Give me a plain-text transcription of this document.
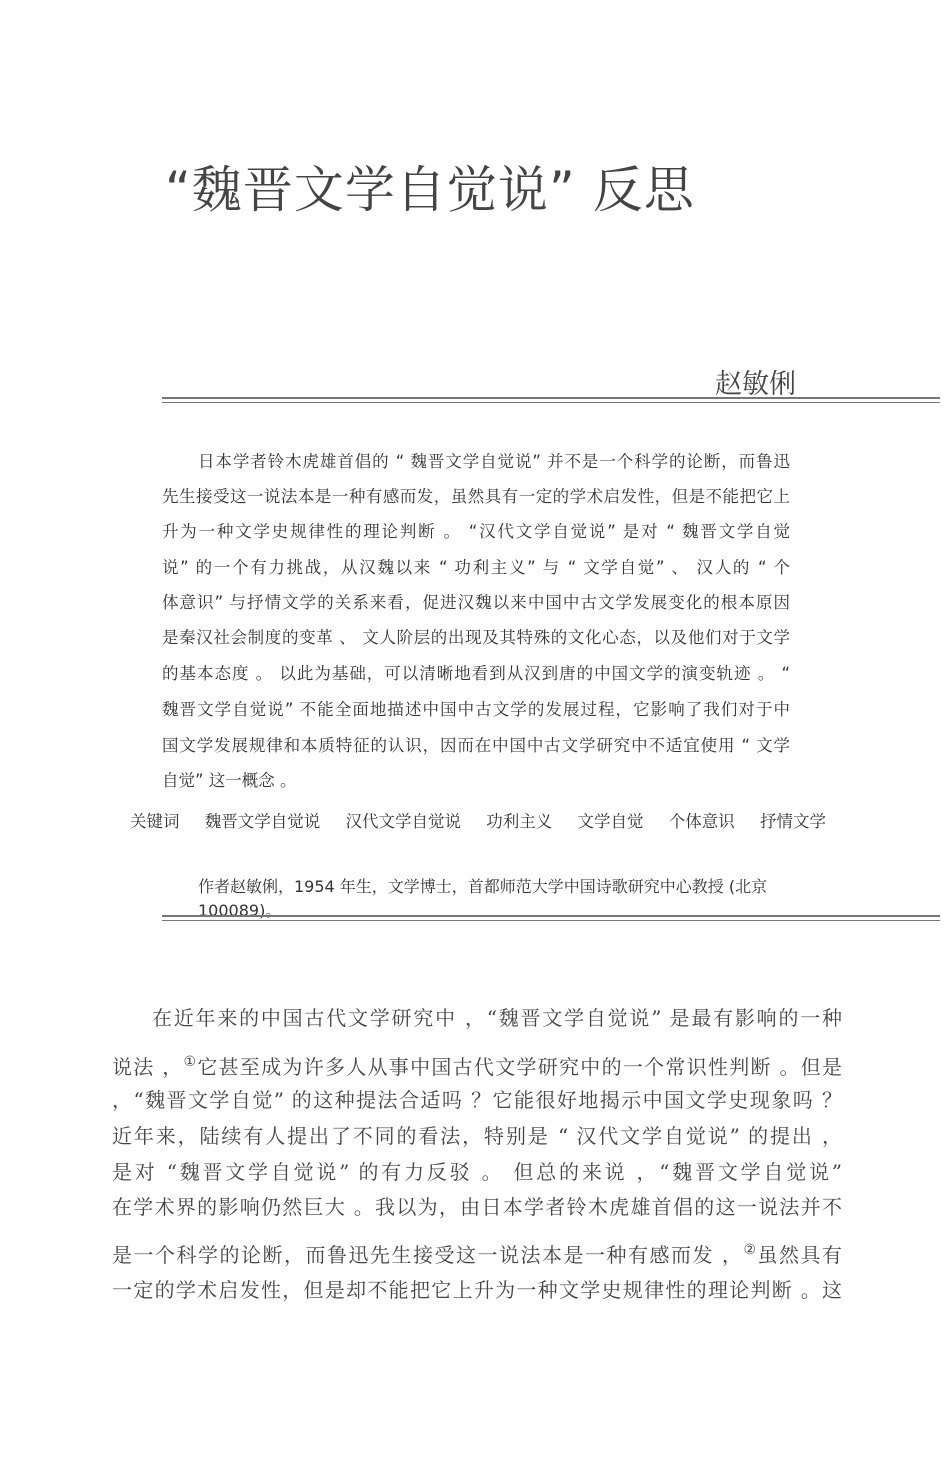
“魏晋文学自觉说” 反思
赵敏俐
日本学者铃木虎雄首倡的 “ 魏晋文学自觉说” 并不是一个科学的论断，而鲁迅
先生接受这一说法本是一种有感而发，虽然具有一定的学术启发性，但是不能把它上
升为一种文学史规律性的理论判断 。 “汉代文学自觉说” 是对 “ 魏晋文学自觉
说” 的一个有力挑战，从汉魏以来 “ 功利主义” 与 “ 文学自觉” 、 汉人的 “ 个
体意识” 与抒情文学的关系来看，促进汉魏以来中国中古文学发展变化的根本原因
是秦汉社会制度的变革 、 文人阶层的出现及其特殊的文化心态，以及他们对于文学
的基本态度 。 以此为基础，可以清晰地看到从汉到唐的中国文学的演变轨迹 。 “
魏晋文学自觉说” 不能全面地描述中国中古文学的发展过程，它影响了我们对于中
国文学发展规律和本质特征的认识，因而在中国中古文学研究中不适宜使用 “ 文学
自觉” 这一概念 。
关键词 魏晋文学自觉说 汉代文学自觉说 功利主义 文学自觉 个体意识 抒情文学
作者赵敏俐，1954 年生，文学博士，首都师范大学中国诗歌研究中心教授 (北京
100089)。
在近年来的中国古代文学研究中 ，“魏晋文学自觉说” 是最有影响的一种
说法 ，①它甚至成为许多人从事中国古代文学研究中的一个常识性判断 。但是
，“魏晋文学自觉” 的这种提法合适吗 ？它能很好地揭示中国文学史现象吗 ？
近年来，陆续有人提出了不同的看法，特别是 “ 汉代文学自觉说” 的提出 ，
是对 “魏晋文学自觉说” 的有力反驳 。 但总的来说 ，“魏晋文学自觉说”
在学术界的影响仍然巨大 。我以为，由日本学者铃木虎雄首倡的这一说法并不
是一个科学的论断，而鲁迅先生接受这一说法本是一种有感而发 ，②虽然具有
一定的学术启发性，但是却不能把它上升为一种文学史规律性的理论判断 。这
